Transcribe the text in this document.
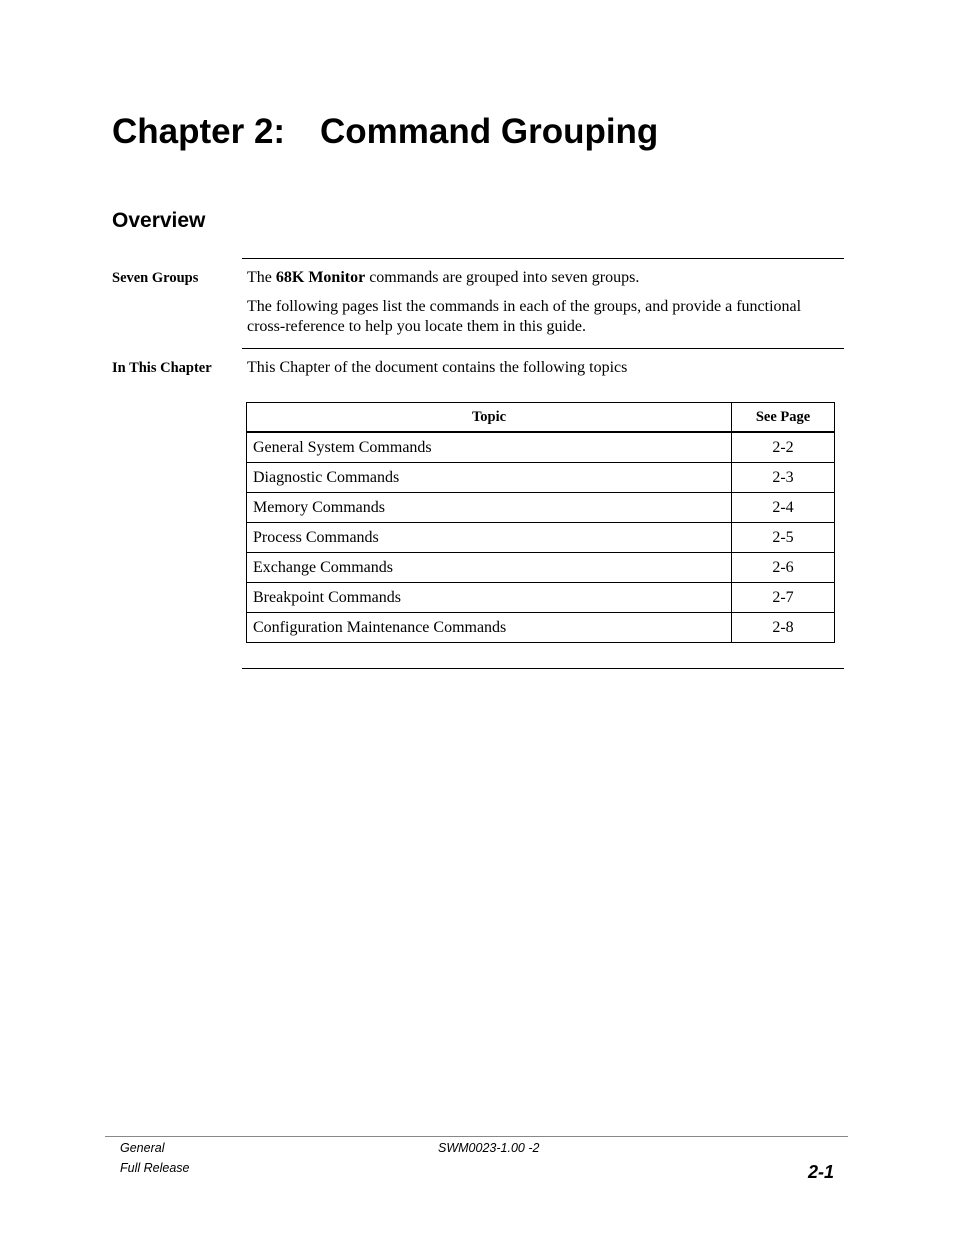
Chapter 2: Command Grouping
Overview
Seven Groups	The 68K Monitor commands are grouped into seven groups.

The following pages list the commands in each of the groups, and provide a functional cross-reference to help you locate them in this guide.

In This Chapter This Chapter of the document contains the following topics

Topic	See Page
General System Commands	2-2
Diagnostic Commands	2-3
Memory Commands	2-4
Process Commands	2-5
Exchange Commands	2-6
Breakpoint Commands	2-7
Configuration Maintenance Commands	2-8
General
Full Release
SWM0023-1.00 -2
2-1
